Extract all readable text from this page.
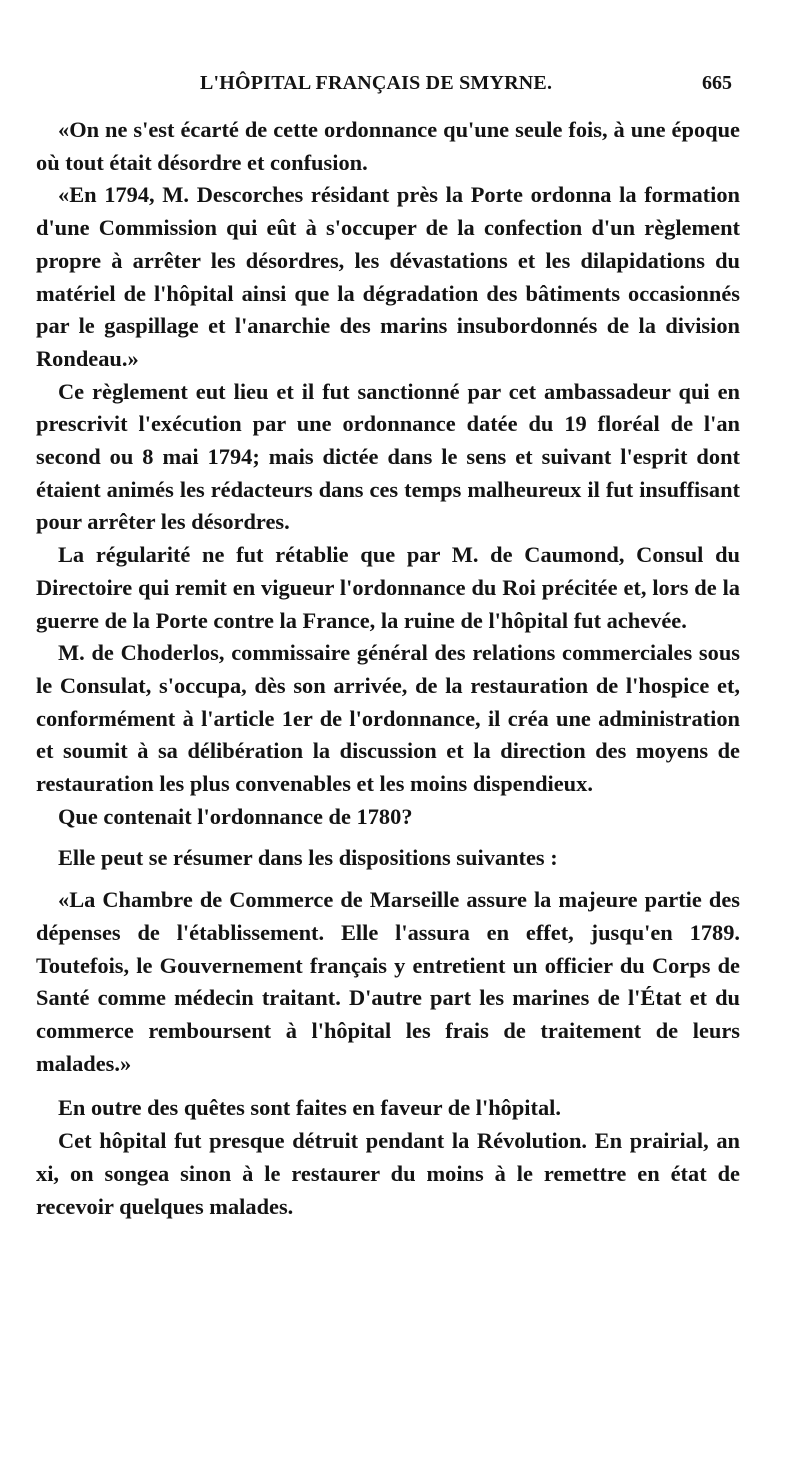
L'HÔPITAL FRANÇAIS DE SMYRNE.	665

«On ne s'est écarté de cette ordonnance qu'une seule fois, à une époque où tout était désordre et confusion.

«En 1794, M. Descorches résidant près la Porte ordonna la formation d'une Commission qui eût à s'occuper de la confection d'un règlement propre à arrêter les désordres, les dévastations et les dilapidations du matériel de l'hôpital ainsi que la dégradation des bâtiments occasionnés par le gaspillage et l'anarchie des marins insubordonnés de la division Rondeau.»

Ce règlement eut lieu et il fut sanctionné par cet ambassadeur qui en prescrivit l'exécution par une ordonnance datée du 19 floréal de l'an second ou 8 mai 1794; mais dictée dans le sens et suivant l'esprit dont étaient animés les rédacteurs dans ces temps malheureux il fut insuffisant pour arrêter les désordres.

La régularité ne fut rétablie que par M. de Caumond, Consul du Directoire qui remit en vigueur l'ordonnance du Roi précitée et, lors de la guerre de la Porte contre la France, la ruine de l'hôpital fut achevée.

M. de Choderlos, commissaire général des relations commerciales sous le Consulat, s'occupa, dès son arrivée, de la restauration de l'hospice et, conformément à l'article 1er de l'ordonnance, il créa une administration et soumit à sa délibération la discussion et la direction des moyens de restauration les plus convenables et les moins dispendieux.

Que contenait l'ordonnance de 1780?

Elle peut se résumer dans les dispositions suivantes :

«La Chambre de Commerce de Marseille assure la majeure partie des dépenses de l'établissement. Elle l'assura en effet, jusqu'en 1789. Toutefois, le Gouvernement français y entretient un officier du Corps de Santé comme médecin traitant. D'autre part les marines de l'État et du commerce remboursent à l'hôpital les frais de traitement de leurs malades.»

En outre des quêtes sont faites en faveur de l'hôpital.

Cet hôpital fut presque détruit pendant la Révolution. En prairial, an xi, on songea sinon à le restaurer du moins à le remettre en état de recevoir quelques malades.
